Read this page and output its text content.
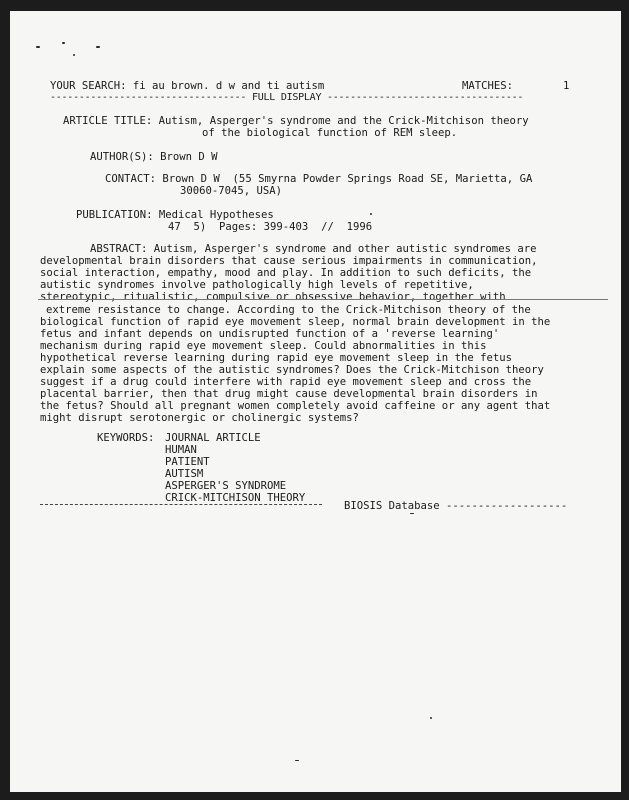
YOUR SEARCH: fi au brown. d w and ti autism	MATCHES:	1
---------------------------------- FULL DISPLAY ----------------------------------
ARTICLE TITLE: Autism, Asperger's syndrome and the Crick-Mitchison theory
of the biological function of REM sleep.
AUTHOR(S): Brown D W
CONTACT: Brown D W  (55 Smyrna Powder Springs Road SE, Marietta, GA
30060-7045, USA)
PUBLICATION: Medical Hypotheses
47  5)  Pages: 399-403  //  1996
ABSTRACT: Autism, Asperger's syndrome and other autistic syndromes are
developmental brain disorders that cause serious impairments in communication,
social interaction, empathy, mood and play. In addition to such deficits, the
autistic syndromes involve pathologically high levels of repetitive,
stereotypic, ritualistic, compulsive or obsessive behavior, together with
extreme resistance to change. According to the Crick-Mitchison theory of the
biological function of rapid eye movement sleep, normal brain development in the
fetus and infant depends on undisrupted function of a 'reverse learning'
mechanism during rapid eye movement sleep. Could abnormalities in this
hypothetical reverse learning during rapid eye movement sleep in the fetus
explain some aspects of the autistic syndromes? Does the Crick-Mitchison theory
suggest if a drug could interfere with rapid eye movement sleep and cross the
placental barrier, then that drug might cause developmental brain disorders in
the fetus? Should all pregnant women completely avoid caffeine or any agent that
might disrupt serotonergic or cholinergic systems?
KEYWORDS: JOURNAL ARTICLE
HUMAN
PATIENT
AUTISM
ASPERGER'S SYNDROME
CRICK-MITCHISON THEORY
BIOSIS Database -------------------
